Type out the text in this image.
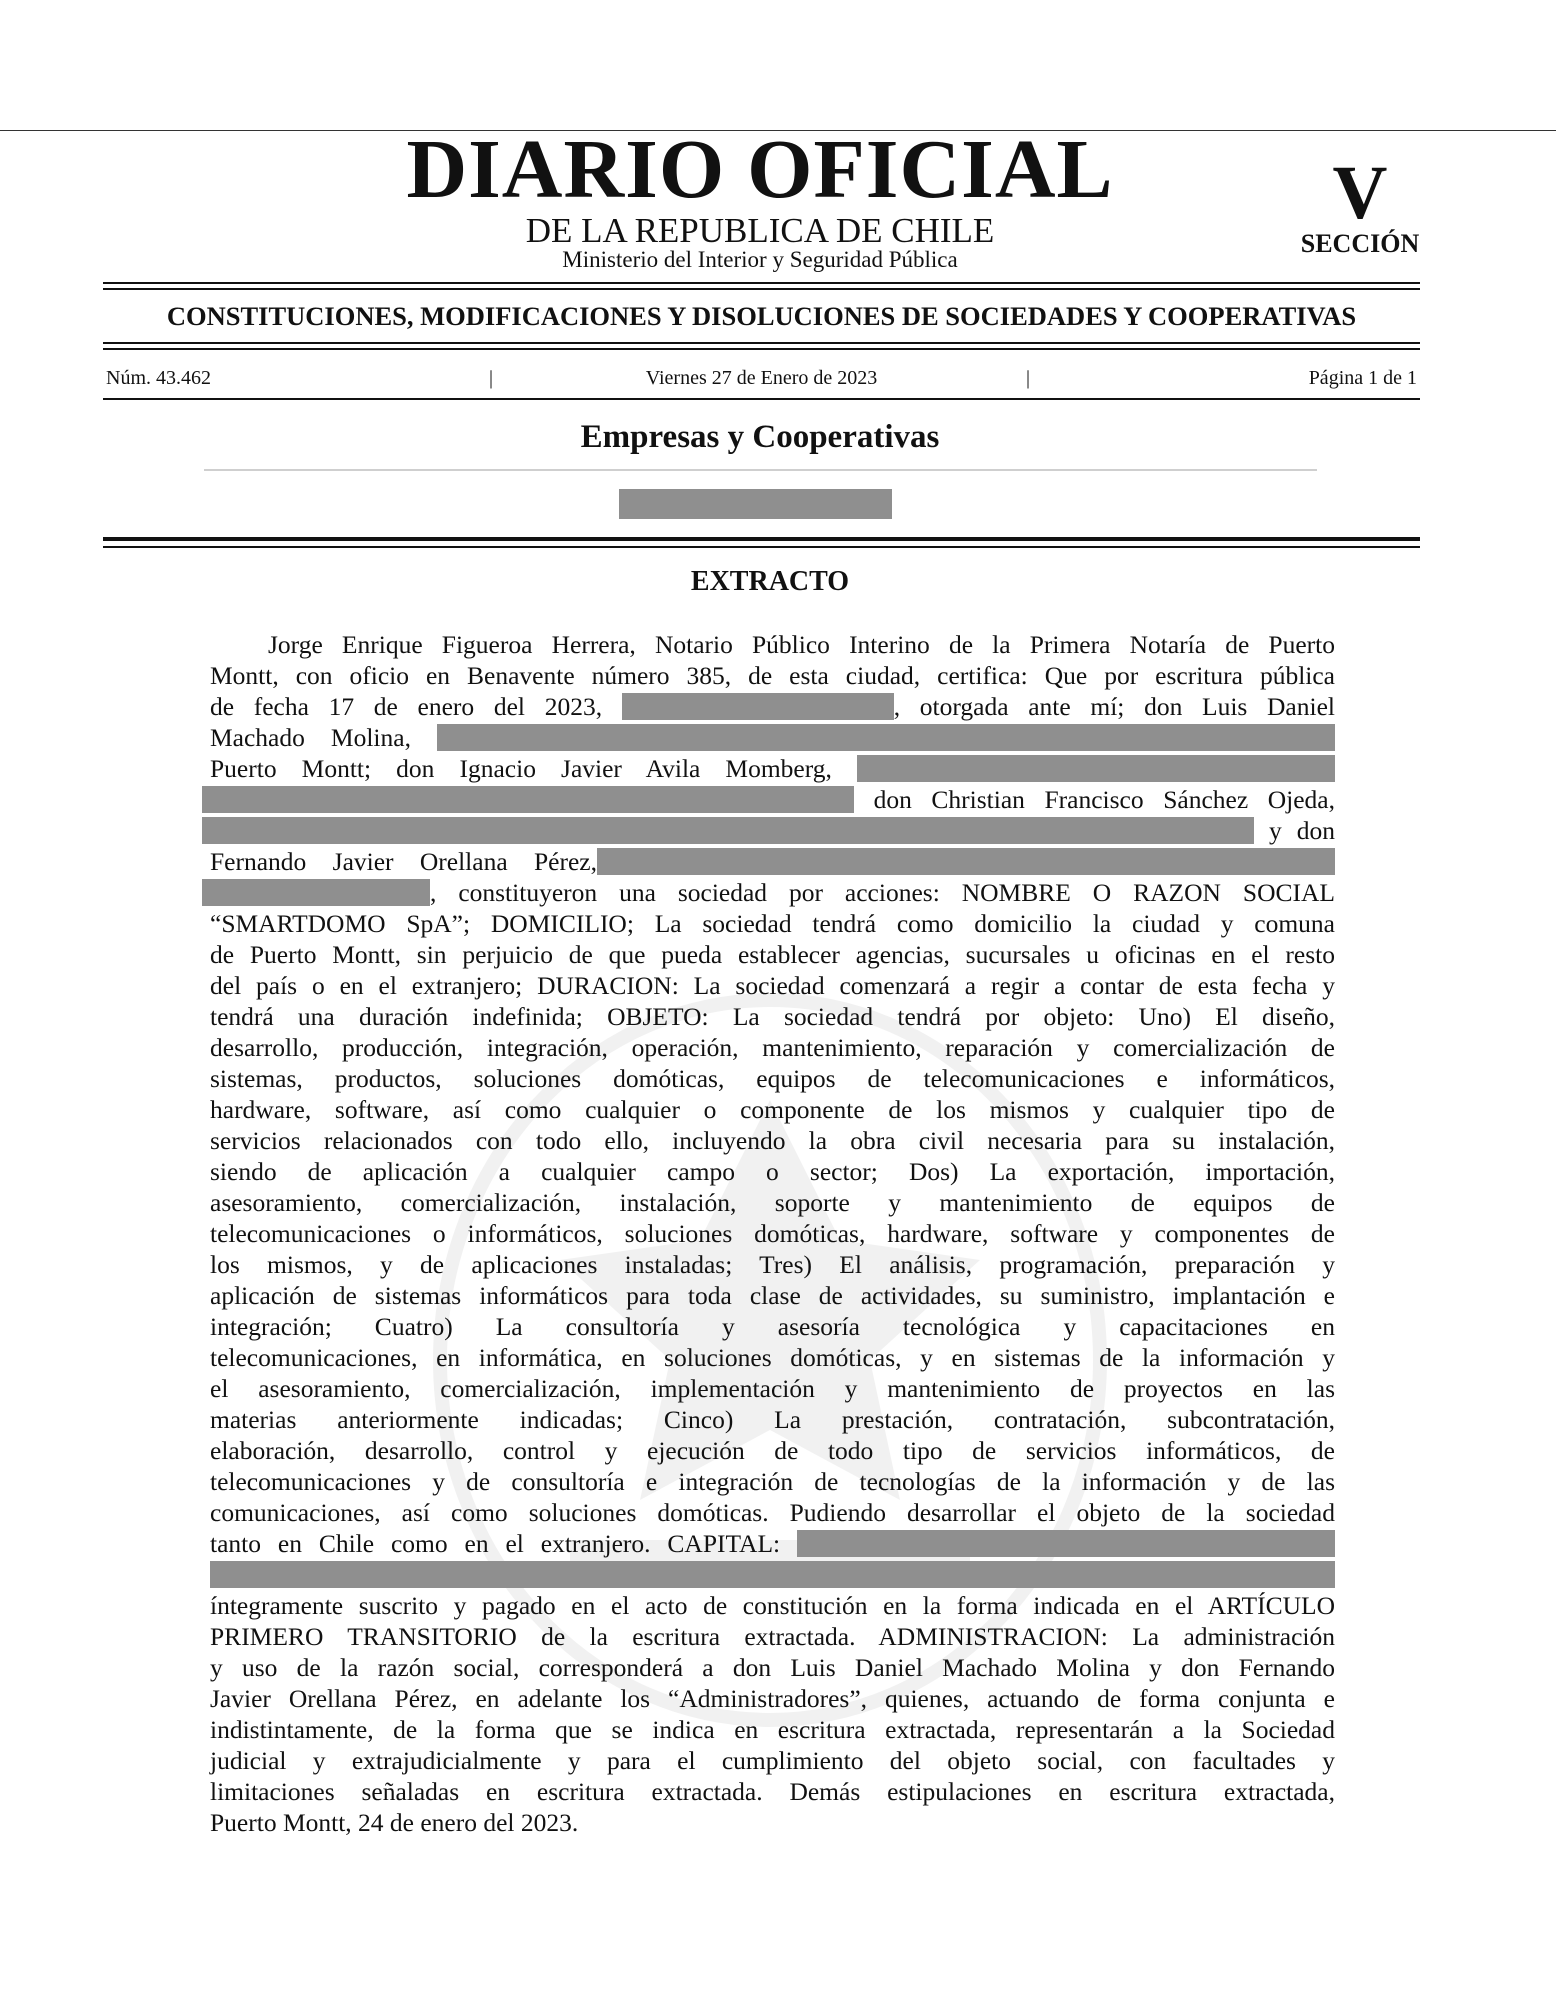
DIARIO OFICIAL
DE LA REPUBLICA DE CHILE
Ministerio del Interior y Seguridad Pública
V
SECCIÓN
CONSTITUCIONES, MODIFICACIONES Y DISOLUCIONES DE SOCIEDADES Y COOPERATIVAS
Núm. 43.462	|	Viernes 27 de Enero de 2023	|	Página 1 de 1
Empresas y Cooperativas
EXTRACTO
Jorge Enrique Figueroa Herrera, Notario Público Interino de la Primera Notaría de Puerto
Montt, con oficio en Benavente número 385, de esta ciudad, certifica: Que por escritura pública
de fecha 17 de enero del 2023,	, otorgada ante mí; don Luis Daniel
Machado Molina,
Puerto Montt; don Ignacio Javier Avila Momberg,
don Christian Francisco Sánchez Ojeda,
y don
Fernando Javier Orellana Pérez,
, constituyeron una sociedad por acciones: NOMBRE O RAZON SOCIAL
“SMARTDOMO SpA”; DOMICILIO; La sociedad tendrá como domicilio la ciudad y comuna
de Puerto Montt, sin perjuicio de que pueda establecer agencias, sucursales u oficinas en el resto
del país o en el extranjero; DURACION: La sociedad comenzará a regir a contar de esta fecha y
tendrá una duración indefinida; OBJETO: La sociedad tendrá por objeto: Uno) El diseño,
desarrollo, producción, integración, operación, mantenimiento, reparación y comercialización de
sistemas, productos, soluciones domóticas, equipos de telecomunicaciones e informáticos,
hardware, software, así como cualquier o componente de los mismos y cualquier tipo de
servicios relacionados con todo ello, incluyendo la obra civil necesaria para su instalación,
siendo de aplicación a cualquier campo o sector; Dos) La exportación, importación,
asesoramiento, comercialización, instalación, soporte y mantenimiento de equipos de
telecomunicaciones o informáticos, soluciones domóticas, hardware, software y componentes de
los mismos, y de aplicaciones instaladas; Tres) El análisis, programación, preparación y
aplicación de sistemas informáticos para toda clase de actividades, su suministro, implantación e
integración; Cuatro) La consultoría y asesoría tecnológica y capacitaciones en
telecomunicaciones, en informática, en soluciones domóticas, y en sistemas de la información y
el asesoramiento, comercialización, implementación y mantenimiento de proyectos en las
materias anteriormente indicadas; Cinco) La prestación, contratación, subcontratación,
elaboración, desarrollo, control y ejecución de todo tipo de servicios informáticos, de
telecomunicaciones y de consultoría e integración de tecnologías de la información y de las
comunicaciones, así como soluciones domóticas. Pudiendo desarrollar el objeto de la sociedad
tanto en Chile como en el extranjero. CAPITAL:
íntegramente suscrito y pagado en el acto de constitución en la forma indicada en el ARTÍCULO
PRIMERO TRANSITORIO de la escritura extractada. ADMINISTRACION: La administración
y uso de la razón social, corresponderá a don Luis Daniel Machado Molina y don Fernando
Javier Orellana Pérez, en adelante los “Administradores”, quienes, actuando de forma conjunta e
indistintamente, de la forma que se indica en escritura extractada, representarán a la Sociedad
judicial y extrajudicialmente y para el cumplimiento del objeto social, con facultades y
limitaciones señaladas en escritura extractada. Demás estipulaciones en escritura extractada,
Puerto Montt, 24 de enero del 2023.
